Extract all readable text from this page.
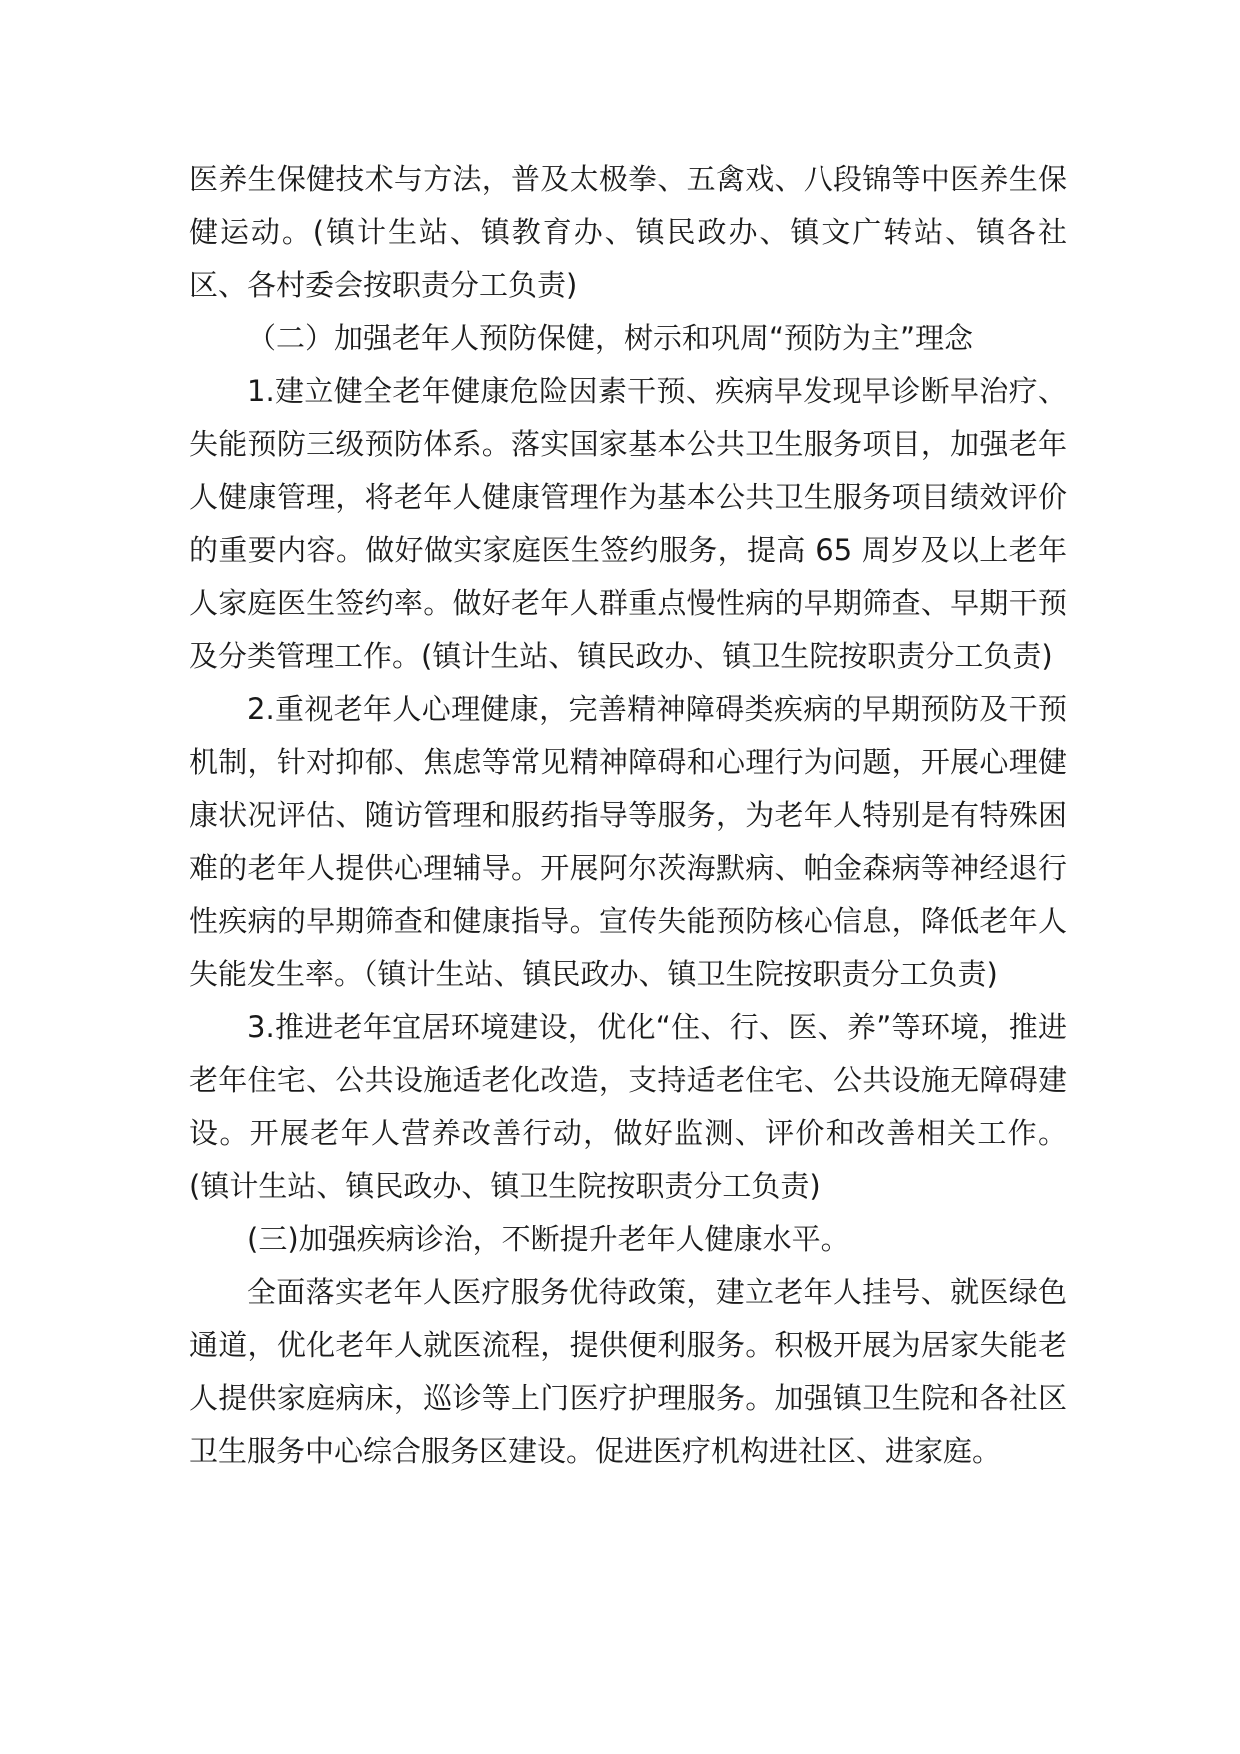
医养生保健技术与方法，普及太极拳、五禽戏、八段锦等中医养生保健运动。(镇计生站、镇教育办、镇民政办、镇文广转站、镇各社区、各村委会按职责分工负责)

（二）加强老年人预防保健，树示和巩周“预防为主”理念

1.建立健全老年健康危险因素干预、疾病早发现早诊断早治疗、失能预防三级预防体系。落实国家基本公共卫生服务项目，加强老年人健康管理，将老年人健康管理作为基本公共卫生服务项目绩效评价的重要内容。做好做实家庭医生签约服务，提高 65 周岁及以上老年人家庭医生签约率。做好老年人群重点慢性病的早期筛查、早期干预及分类管理工作。(镇计生站、镇民政办、镇卫生院按职责分工负责)

2.重视老年人心理健康，完善精神障碍类疾病的早期预防及干预机制，针对抑郁、焦虑等常见精神障碍和心理行为问题，开展心理健康状况评估、随访管理和服药指导等服务，为老年人特别是有特殊困难的老年人提供心理辅导。开展阿尔茨海默病、帕金森病等神经退行性疾病的早期筛查和健康指导。宣传失能预防核心信息，降低老年人失能发生率。（镇计生站、镇民政办、镇卫生院按职责分工负责)

3.推进老年宜居环境建设，优化“住、行、医、养”等环境，推进老年住宅、公共设施适老化改造，支持适老住宅、公共设施无障碍建设。开展老年人营养改善行动，做好监测、评价和改善相关工作。(镇计生站、镇民政办、镇卫生院按职责分工负责)

(三)加强疾病诊治，不断提升老年人健康水平。

全面落实老年人医疗服务优待政策，建立老年人挂号、就医绿色通道，优化老年人就医流程，提供便利服务。积极开展为居家失能老人提供家庭病床，巡诊等上门医疗护理服务。加强镇卫生院和各社区卫生服务中心综合服务区建设。促进医疗机构进社区、进家庭。
